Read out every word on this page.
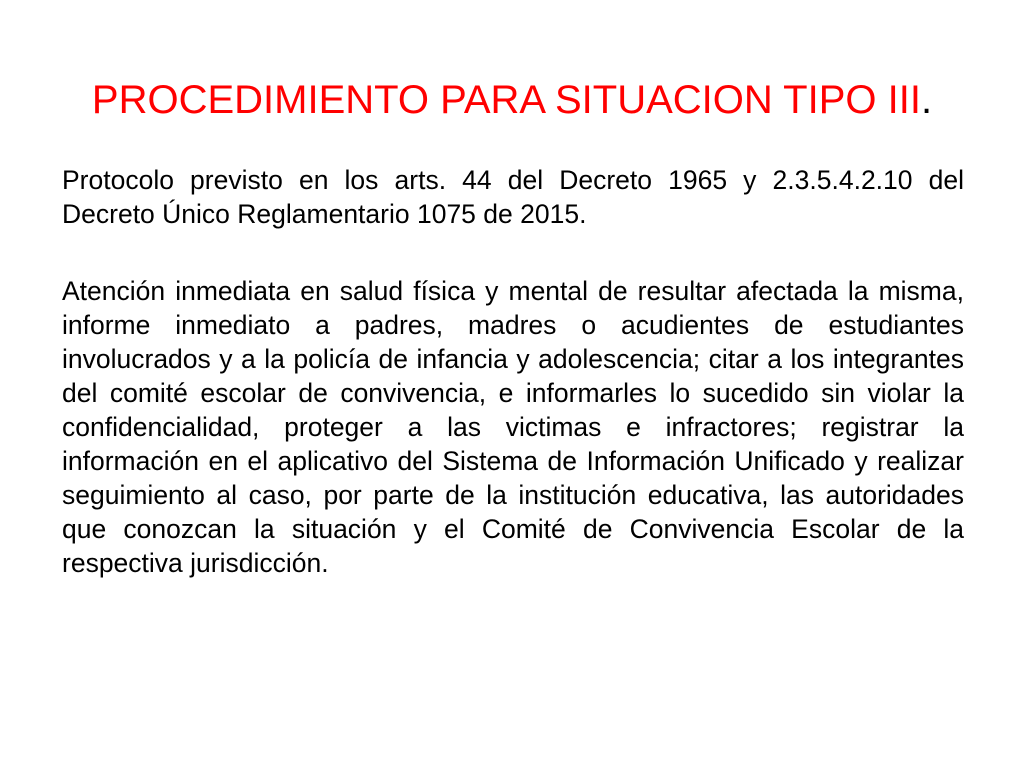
PROCEDIMIENTO PARA SITUACION TIPO III.

Protocolo previsto en los arts. 44 del Decreto 1965 y 2.3.5.4.2.10 del Decreto Único Reglamentario 1075 de 2015.

Atención inmediata en salud física y mental de resultar afectada la misma, informe inmediato a padres, madres o acudientes de estudiantes involucrados y a la policía de infancia y adolescencia; citar a los integrantes del comité escolar de convivencia, e informarles lo sucedido sin violar la confidencialidad, proteger a las victimas e infractores; registrar la información en el aplicativo del Sistema de Información Unificado y realizar seguimiento al caso, por parte de la institución educativa, las autoridades que conozcan la situación y el Comité de Convivencia Escolar de la respectiva jurisdicción.
